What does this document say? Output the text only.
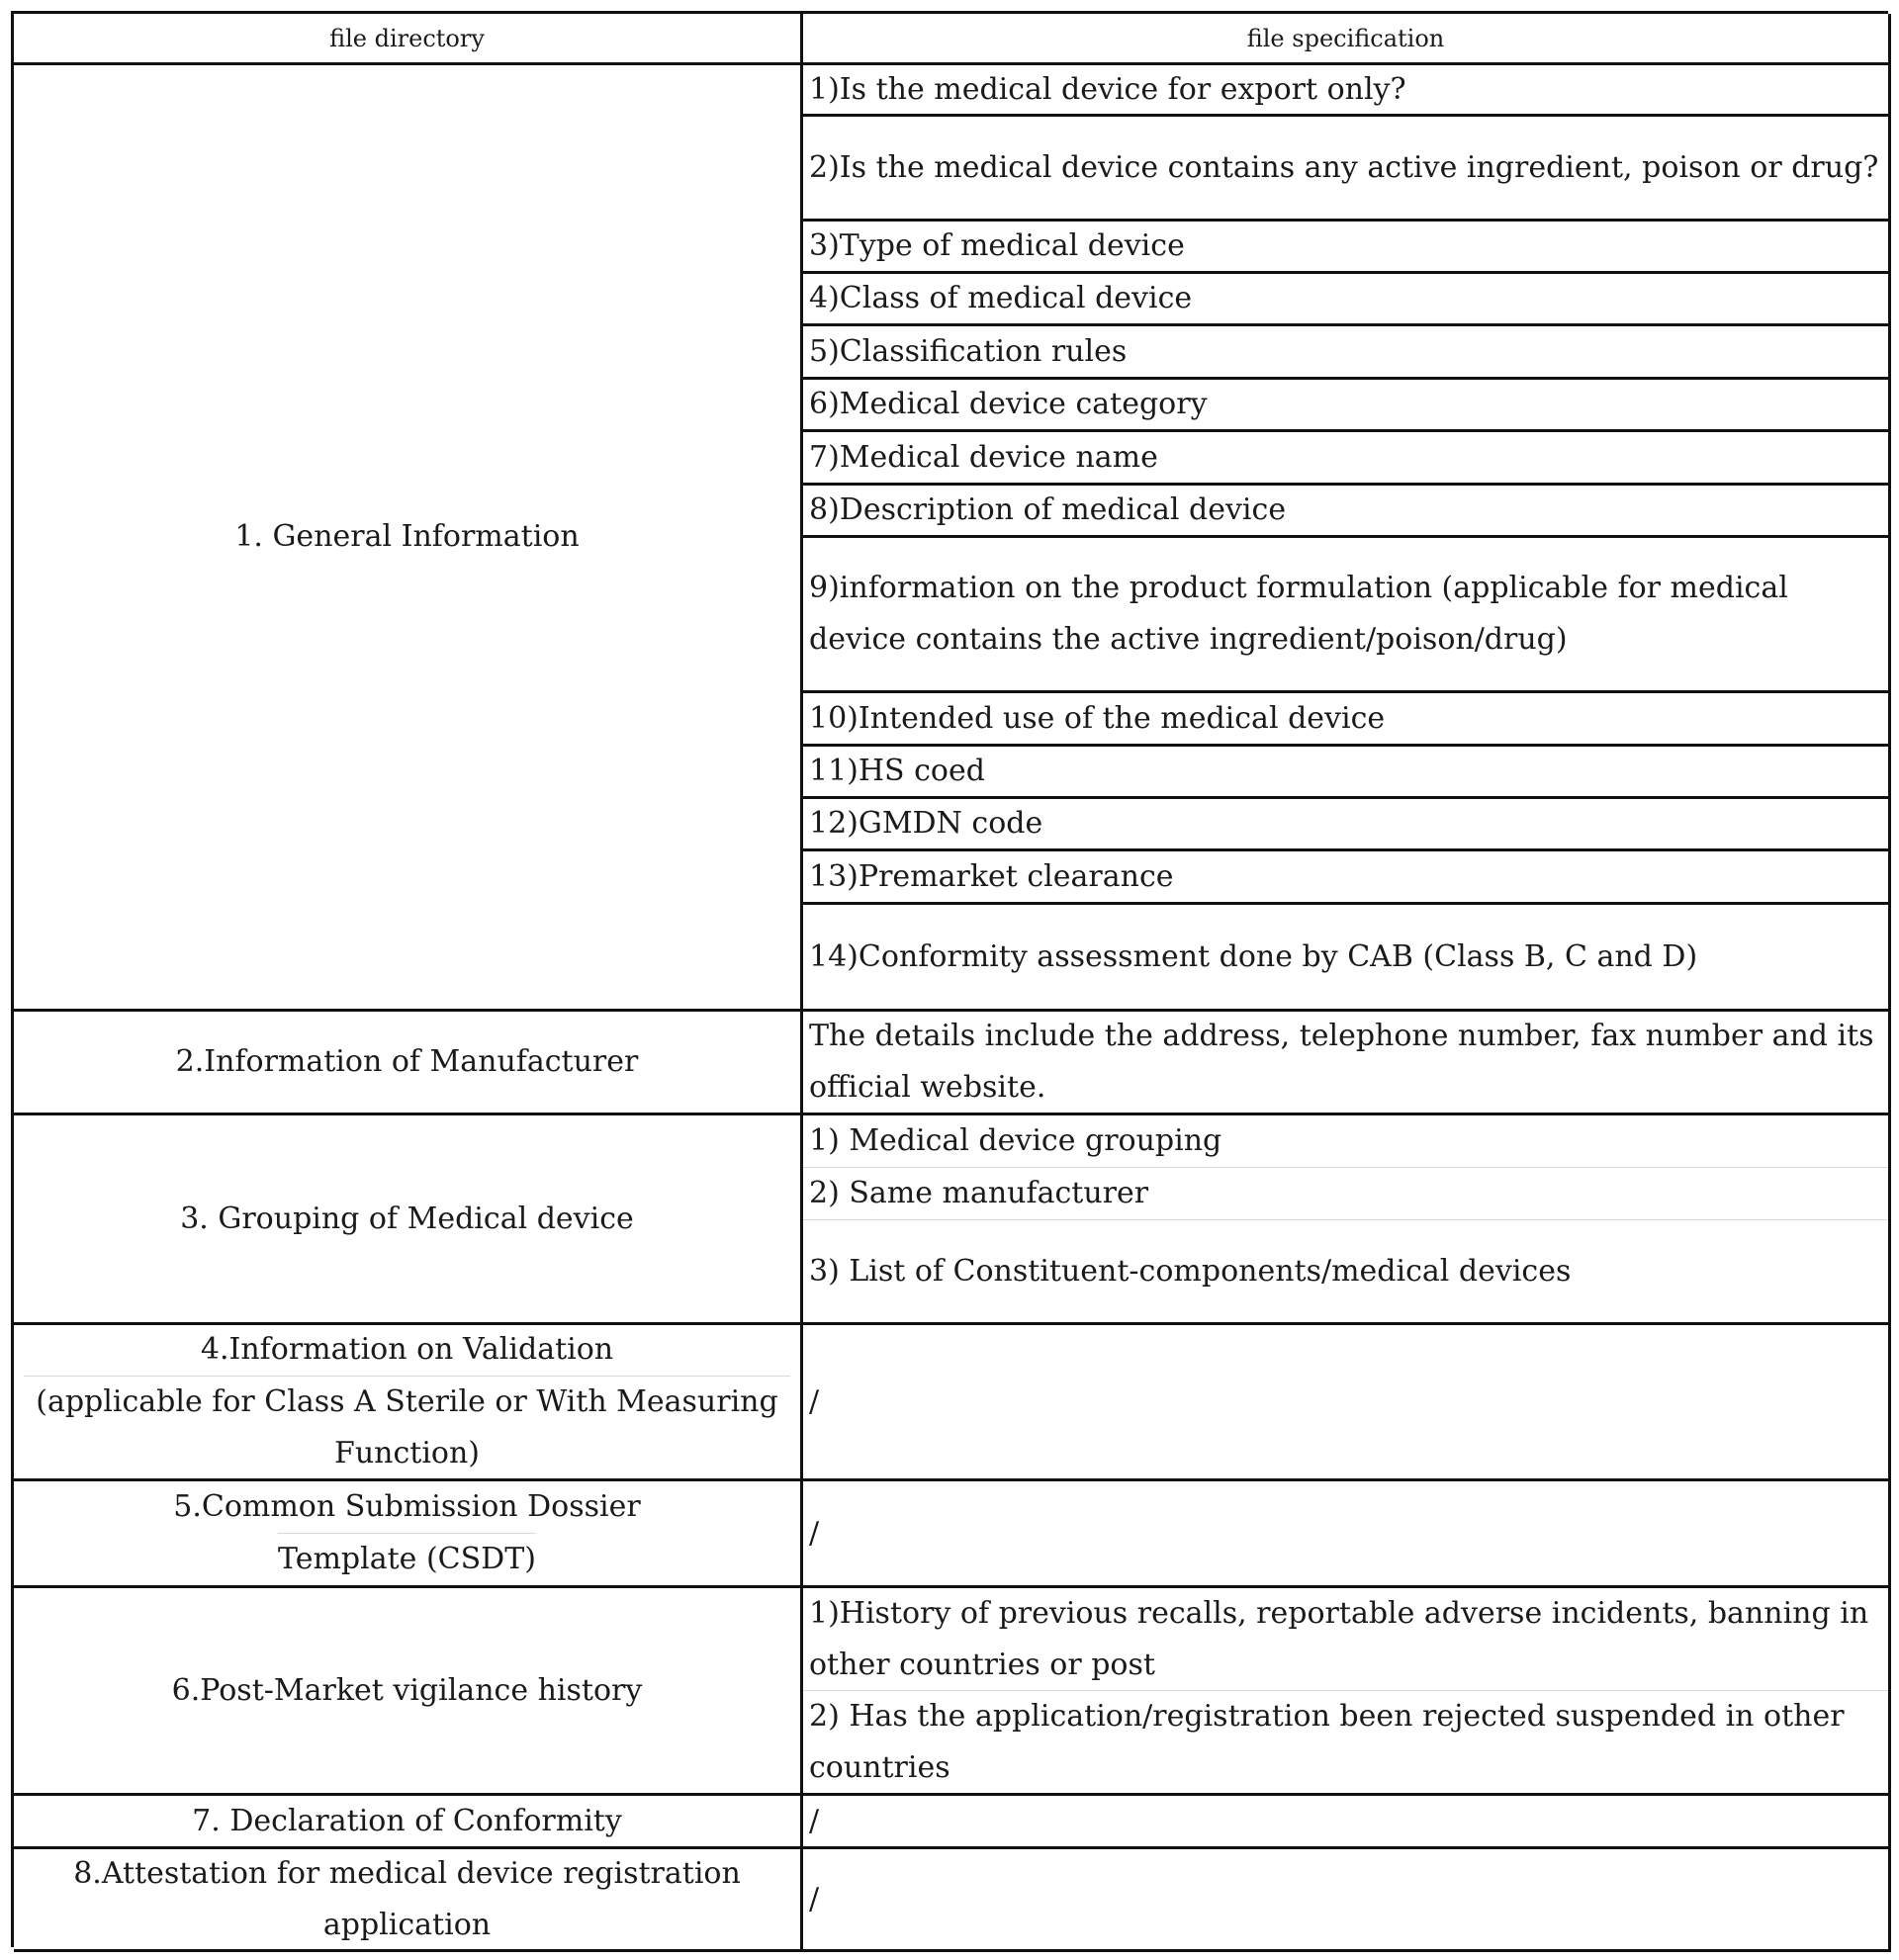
file directory	file specification
1. General Information
1)Is the medical device for export only?
2)Is the medical device contains any active ingredient, poison or drug?
3)Type of medical device
4)Class of medical device
5)Classification rules
6)Medical device category
7)Medical device name
8)Description of medical device
9)information on the product formulation (applicable for medical device contains the active ingredient/poison/drug)
10)Intended use of the medical device
11)HS coed
12)GMDN code
13)Premarket clearance
14)Conformity assessment done by CAB (Class B, C and D)
2.Information of Manufacturer
The details include the address, telephone number, fax number and its official website.
3. Grouping of Medical device
1) Medical device grouping
2) Same manufacturer
3) List of Constituent-components/medical devices
4.Information on Validation
(applicable for Class A Sterile or With Measuring Function)
/
5.Common Submission Dossier
Template (CSDT)
/
6.Post-Market vigilance history
1)History of previous recalls, reportable adverse incidents, banning in other countries or post
2) Has the application/registration been rejected suspended in other countries
7. Declaration of Conformity	/
8.Attestation for medical device registration application
/
